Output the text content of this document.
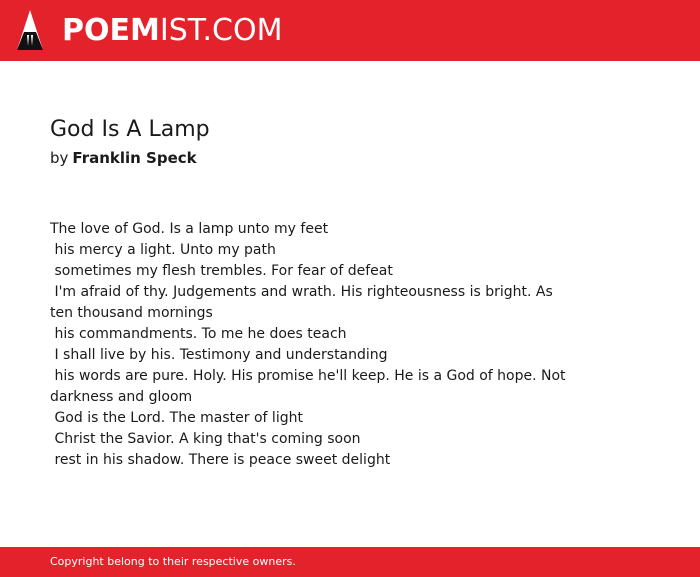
POEMIST.COM
God Is A Lamp
by Franklin Speck
The love of God. Is a lamp unto my feet
his mercy a light. Unto my path
sometimes my flesh trembles. For fear of defeat
I'm afraid of thy. Judgements and wrath. His righteousness is bright. As ten thousand mornings
his commandments. To me he does teach
I shall live by his. Testimony and understanding
his words are pure. Holy. His promise he'll keep. He is a God of hope. Not darkness and gloom
God is the Lord. The master of light
Christ the Savior. A king that's coming soon
rest in his shadow. There is peace sweet delight
Copyright belong to their respective owners.
